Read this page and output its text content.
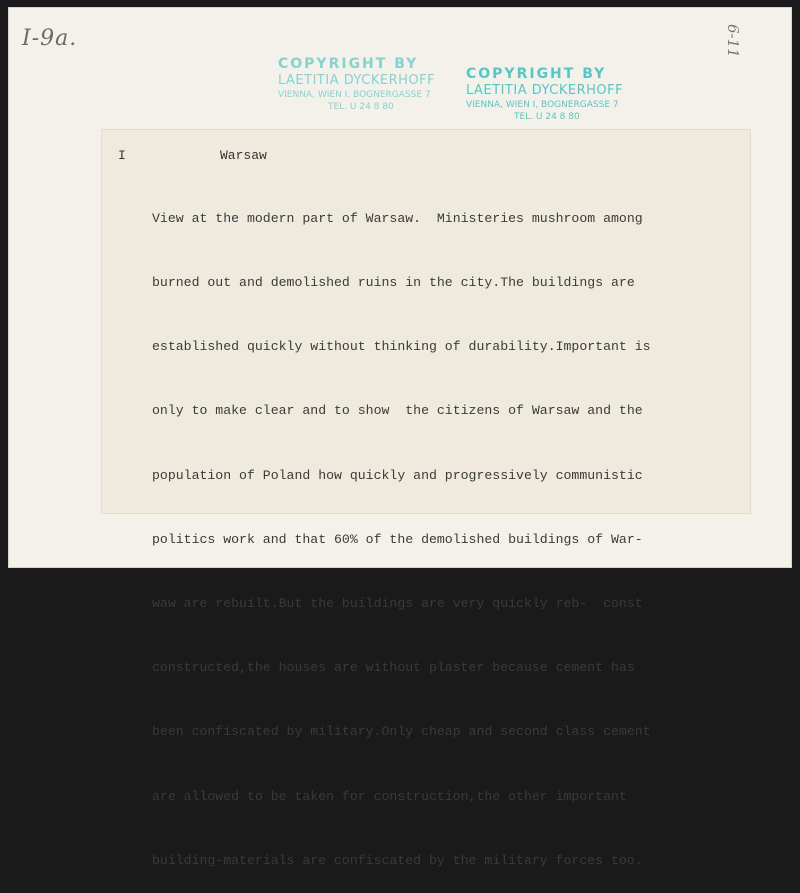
I-9a.	6-11
COPYRIGHT BY
LAETITIA DYCKERHOFF
VIENNA, WIEN I, BOGNERGASSE 7
TEL. U 24 8 80
COPYRIGHT BY
LAETITIA DYCKERHOFF
VIENNA, WIEN I, BOGNERGASSE 7
TEL. U 24 8 80
I	Warsaw

View at the modern part of Warsaw.  Ministeries mushroom among

burned out and demolished ruins in the city.The buildings are

established quickly without thinking of durability.Important is

only to make clear and to show  the citizens of Warsaw and the

population of Poland how quickly and progressively communistic

politics work and that 60% of the demolished buildings of War-

waw are rebuilt.But the buildings are very quickly reb-  const

constructed,the houses are without plaster because cement has

been confiscated by military.Only cheap and second class cement

are allowed to be taken for construction,the other important

building-materials are confiscated by the military forces too.
